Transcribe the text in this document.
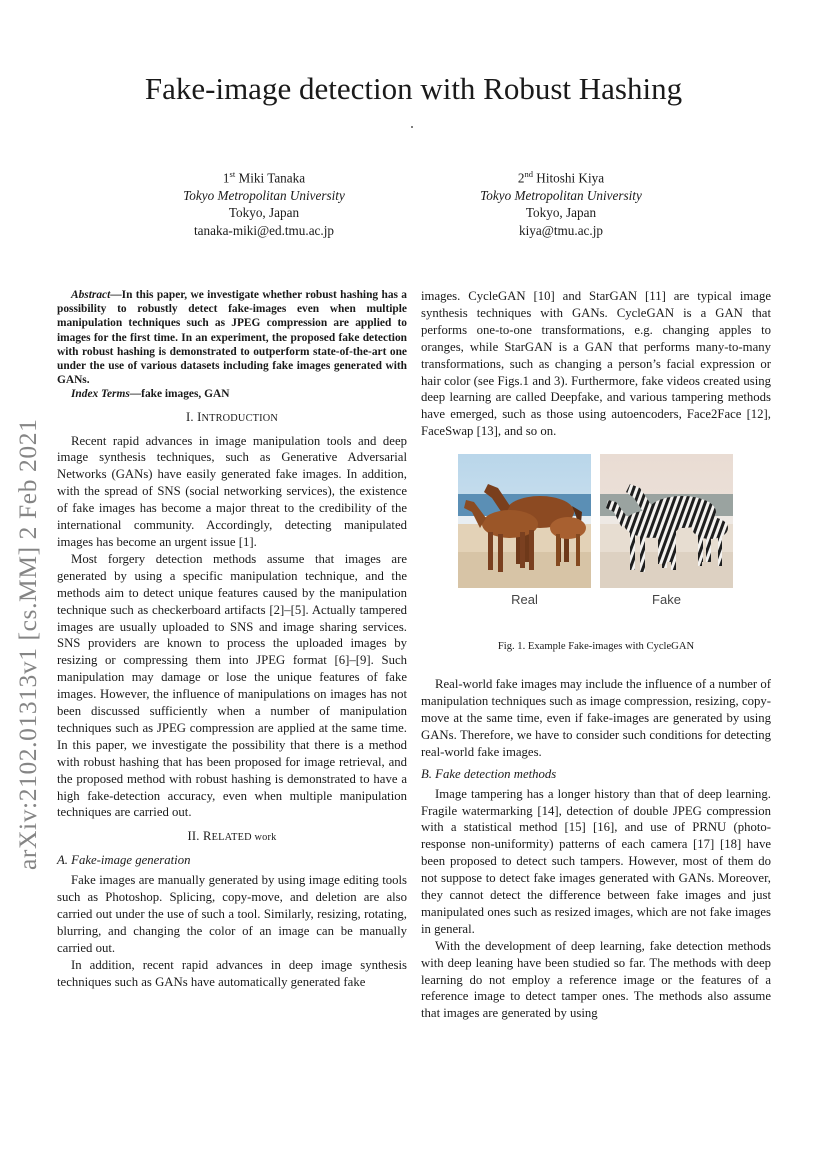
Fake-image detection with Robust Hashing
1st Miki Tanaka
Tokyo Metropolitan University
Tokyo, Japan
tanaka-miki@ed.tmu.ac.jp
2nd Hitoshi Kiya
Tokyo Metropolitan University
Tokyo, Japan
kiya@tmu.ac.jp
arXiv:2102.01313v1 [cs.MM] 2 Feb 2021

Abstract—In this paper, we investigate whether robust hashing has a possibility to robustly detect fake-images even when multiple manipulation techniques such as JPEG compression are applied to images for the first time. In an experiment, the proposed fake detection with robust hashing is demonstrated to outperform state-of-the-art one under the use of various datasets including fake images generated with GANs.

Index Terms—fake images, GAN

I. INTRODUCTION

Recent rapid advances in image manipulation tools and deep image synthesis techniques, such as Generative Adversarial Networks (GANs) have easily generated fake images. In addition, with the spread of SNS (social networking services), the existence of fake images has become a major threat to the credibility of the international community. Accordingly, detecting manipulated images has become an urgent issue [1].

Most forgery detection methods assume that images are generated by using a specific manipulation technique, and the methods aim to detect unique features caused by the manipulation technique such as checkerboard artifacts [2]–[5]. Actually tampered images are usually uploaded to SNS and image sharing services. SNS providers are known to process the uploaded images by resizing or compressing them into JPEG format [6]–[9]. Such manipulation may damage or lose the unique features of fake images. However, the influence of manipulations on images has not been discussed sufficiently when a number of manipulation techniques such as JPEG compression are applied at the same time. In this paper, we investigate the possibility that there is a method with robust hashing that has been proposed for image retrieval, and the proposed method with robust hashing is demonstrated to have a high fake-detection accuracy, even when multiple manipulation techniques are carried out.

II. RELATED work
A. Fake-image generation

Fake images are manually generated by using image editing tools such as Photoshop. Splicing, copy-move, and deletion are also carried out under the use of such a tool. Similarly, resizing, rotating, blurring, and changing the color of an image can be manually carried out.

In addition, recent rapid advances in deep image synthesis techniques such as GANs have automatically generated fake

images. CycleGAN [10] and StarGAN [11] are typical image synthesis techniques with GANs. CycleGAN is a GAN that performs one-to-one transformations, e.g. changing apples to oranges, while StarGAN is a GAN that performs many-to-many transformations, such as changing a person’s facial expression or hair color (see Figs.1 and 3). Furthermore, fake videos created using deep learning are called Deepfake, and various tampering methods have emerged, such as those using autoencoders, Face2Face [12], FaceSwap [13], and so on.

Real	Fake
Fig. 1. Example Fake-images with CycleGAN

Real-world fake images may include the influence of a number of manipulation techniques such as image compression, resizing, copy-move at the same time, even if fake-images are generated by using GANs. Therefore, we have to consider such conditions for detecting real-world fake images.

B. Fake detection methods

Image tampering has a longer history than that of deep learning. Fragile watermarking [14], detection of double JPEG compression with a statistical method [15] [16], and use of PRNU (photo-response non-uniformity) patterns of each camera [17] [18] have been proposed to detect such tampers. However, most of them do not suppose to detect fake images generated with GANs. Moreover, they cannot detect the difference between fake images and just manipulated ones such as resized images, which are not fake images in general.

With the development of deep learning, fake detection methods with deep leaning have been studied so far. The methods with deep learning do not employ a reference image or the features of a reference image to detect tamper ones. The methods also assume that images are generated by using
